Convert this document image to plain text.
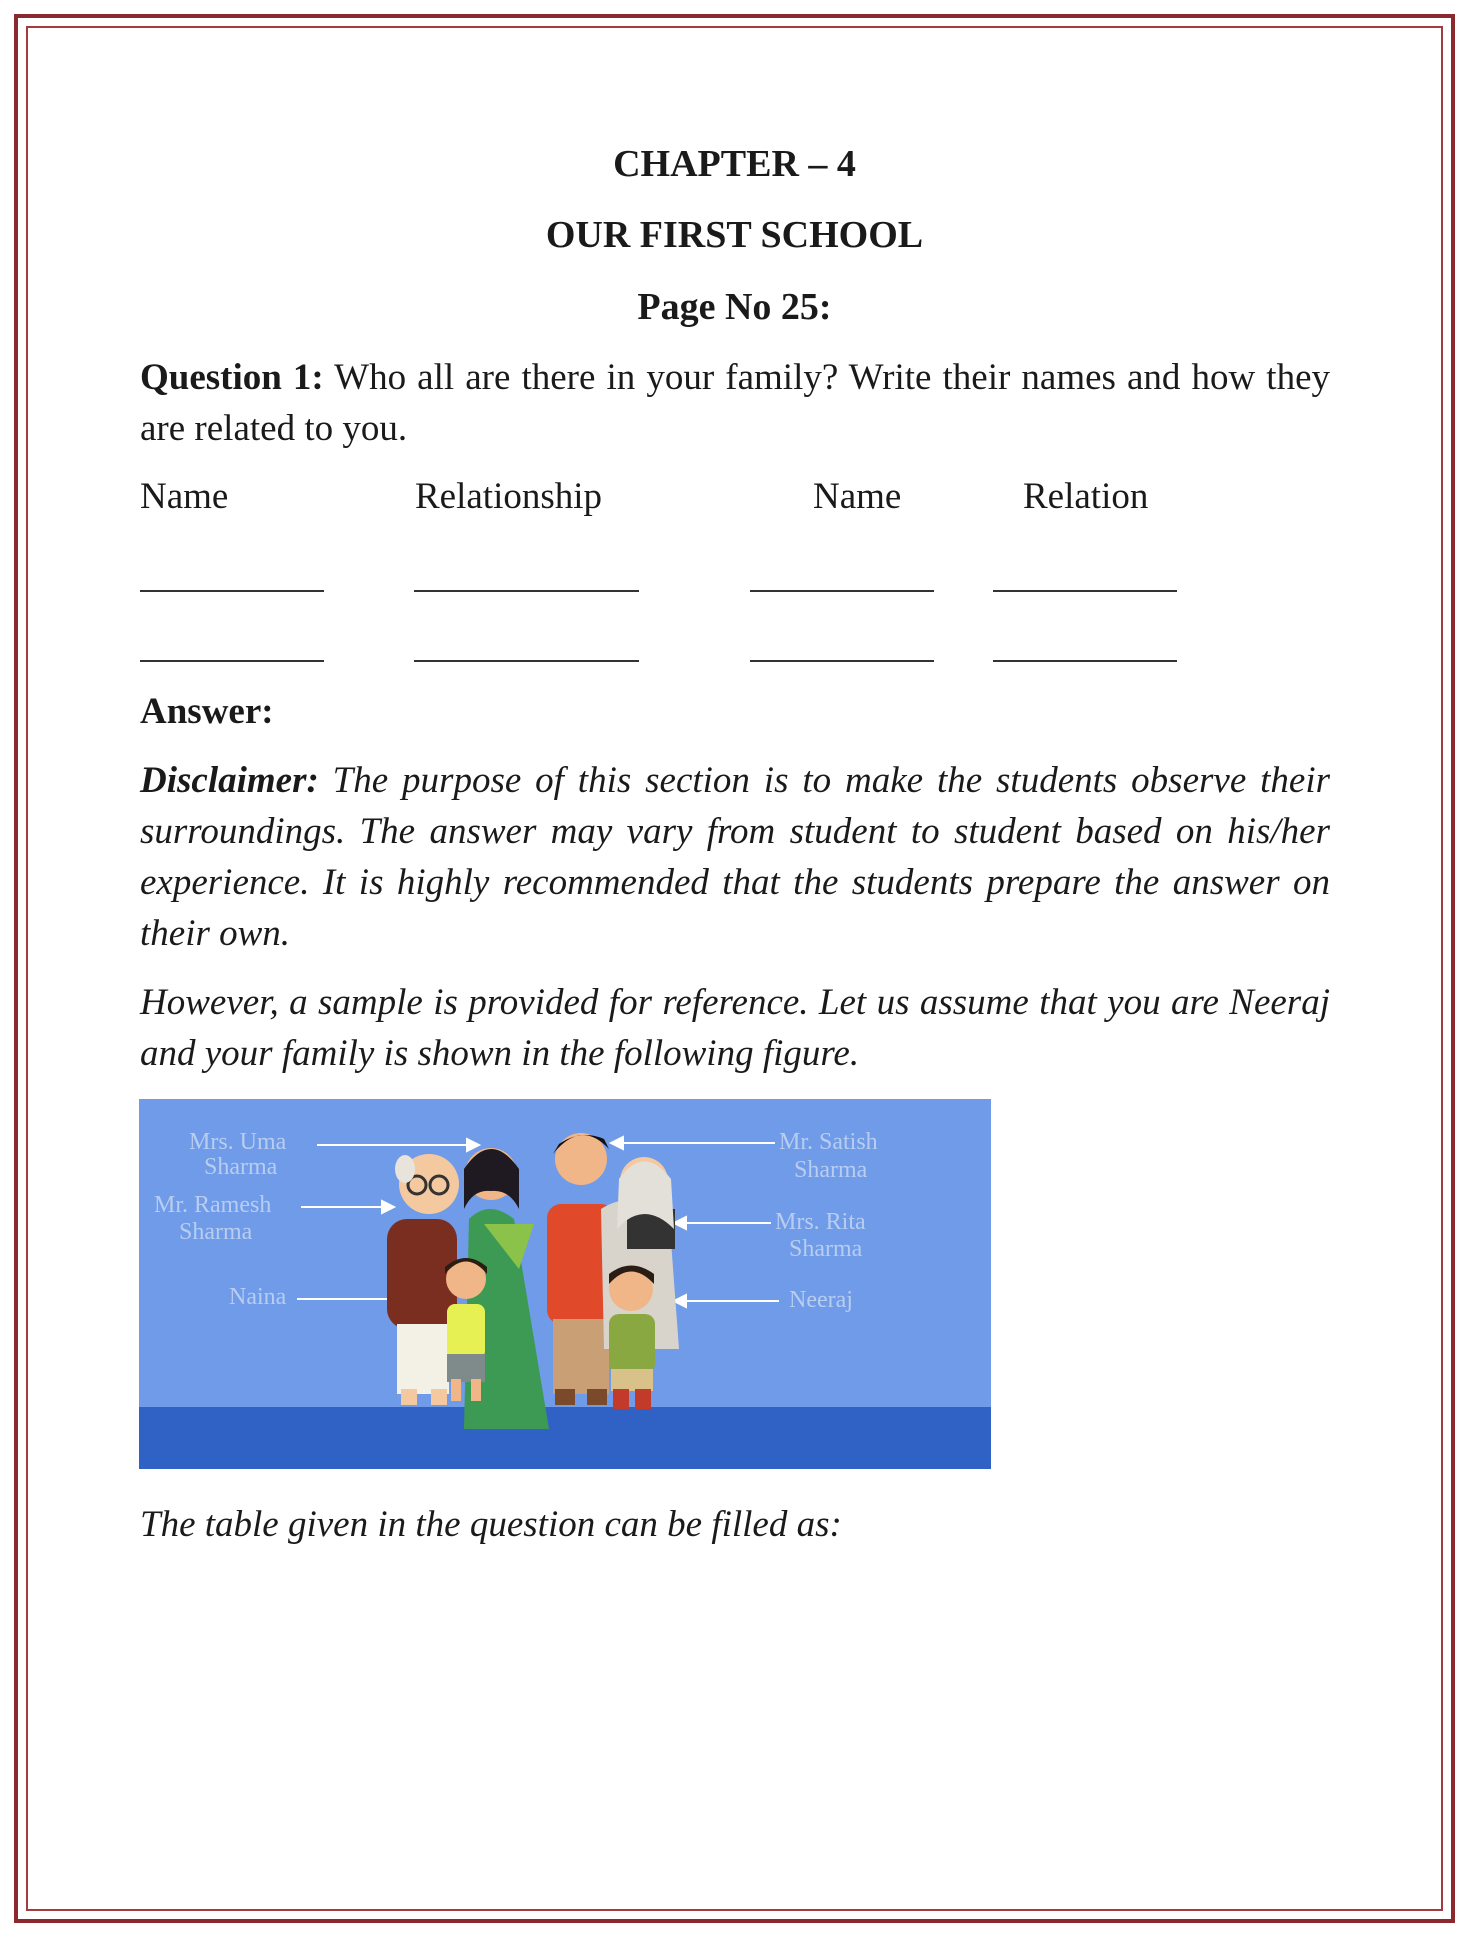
CHAPTER – 4
OUR FIRST SCHOOL
Page No 25:
Question 1: Who all are there in your family? Write their names and how they are related to you.
Name	Relationship	Name	Relation
Answer:
Disclaimer: The purpose of this section is to make the students observe their surroundings. The answer may vary from student to student based on his/her experience. It is highly recommended that the students prepare the answer on their own.
However, a sample is provided for reference. Let us assume that you are Neeraj and your family is shown in the following figure.
Mrs. Uma
Sharma
Mr. Ramesh
Sharma
Naina
Mr. Satish
Sharma
Mrs. Rita
Sharma
Neeraj
The table given in the question can be filled as:
